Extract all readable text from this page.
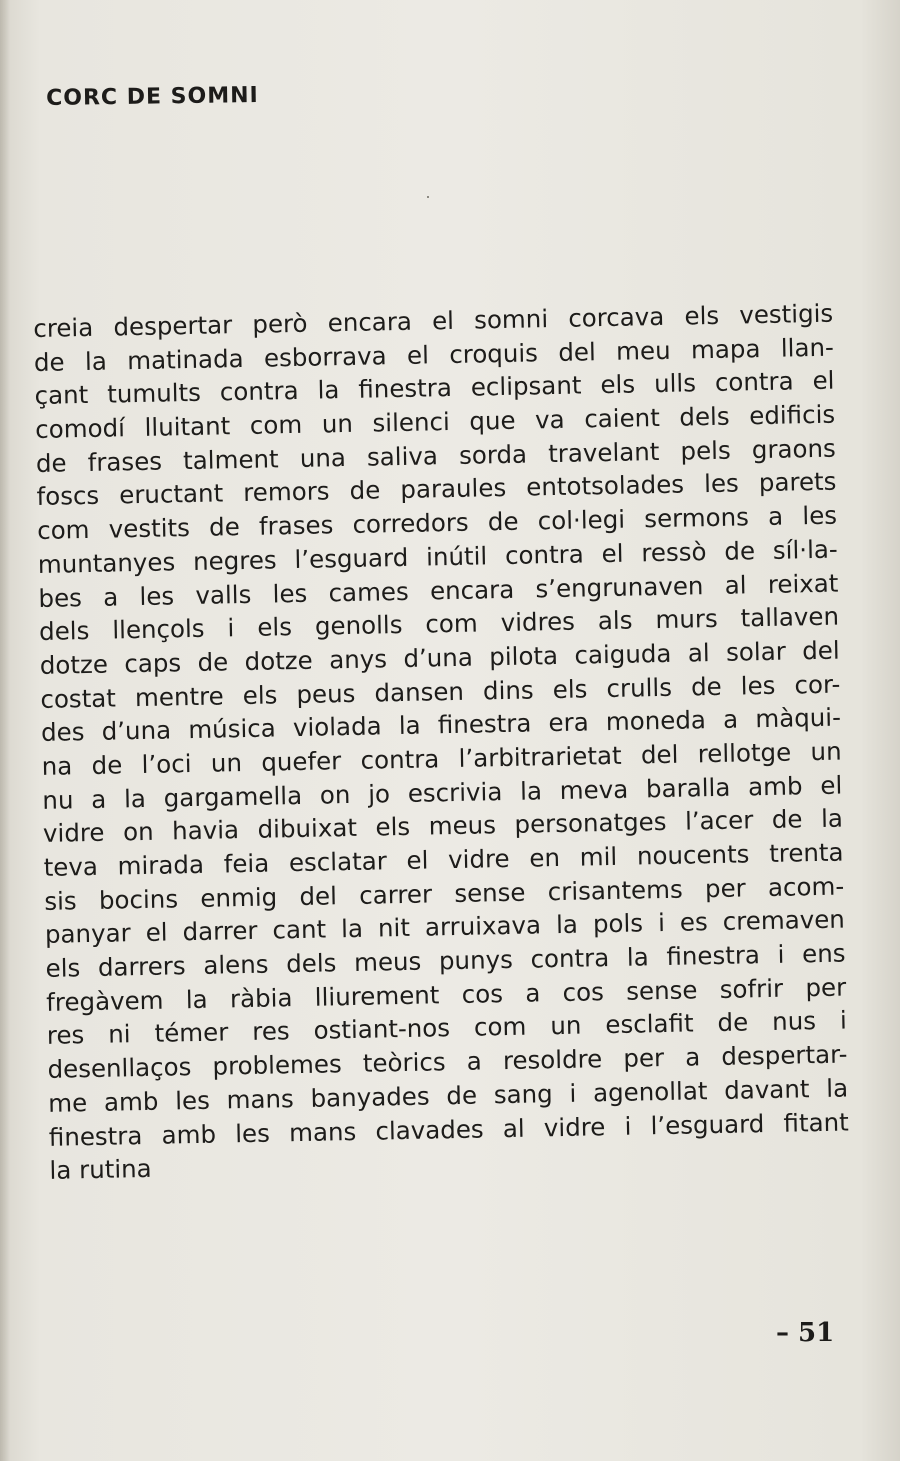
CORC DE SOMNI
creia despertar però encara el somni corcava els vestigis
de la matinada esborrava el croquis del meu mapa llan-
çant tumults contra la finestra eclipsant els ulls contra el
comodí lluitant com un silenci que va caient dels edificis
de frases talment una saliva sorda travelant pels graons
foscs eructant remors de paraules entotsolades les parets
com vestits de frases corredors de col·legi sermons a les
muntanyes negres l’esguard inútil contra el ressò de síl·la-
bes a les valls les cames encara s’engrunaven al reixat
dels llençols i els genolls com vidres als murs tallaven
dotze caps de dotze anys d’una pilota caiguda al solar del
costat mentre els peus dansen dins els crulls de les cor-
des d’una música violada la finestra era moneda a màqui-
na de l’oci un quefer contra l’arbitrarietat del rellotge un
nu a la gargamella on jo escrivia la meva baralla amb el
vidre on havia dibuixat els meus personatges l’acer de la
teva mirada feia esclatar el vidre en mil noucents trenta
sis bocins enmig del carrer sense crisantems per acom-
panyar el darrer cant la nit arruixava la pols i es cremaven
els darrers alens dels meus punys contra la finestra i ens
fregàvem la ràbia lliurement cos a cos sense sofrir per
res ni témer res ostiant-nos com un esclafit de nus i
desenllaços problemes teòrics a resoldre per a despertar-
me amb les mans banyades de sang i agenollat davant la
finestra amb les mans clavades al vidre i l’esguard fitant
la rutina
– 51
